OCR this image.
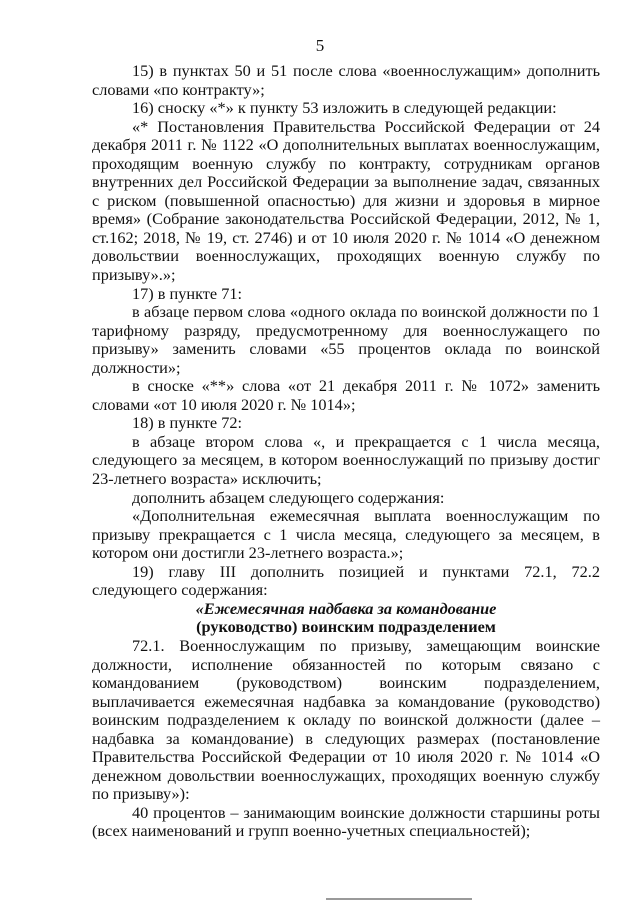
5

15) в пунктах 50 и 51 после слова «военнослужащим» дополнить словами «по контракту»;

16) сноску «*» к пункту 53 изложить в следующей редакции:

«* Постановления Правительства Российской Федерации от 24 декабря 2011 г. № 1122 «О дополнительных выплатах военнослужащим, проходящим военную службу по контракту, сотрудникам органов внутренних дел Российской Федерации за выполнение задач, связанных с риском (повышенной опасностью) для жизни и здоровья в мирное время» (Собрание законодательства Российской Федерации, 2012, № 1, ст.162; 2018, № 19, ст. 2746) и от 10 июля 2020 г. № 1014 «О денежном довольствии военнослужащих, проходящих военную службу по призыву».»;

17) в пункте 71:

в абзаце первом слова «одного оклада по воинской должности по 1 тарифному разряду, предусмотренному для военнослужащего по призыву» заменить словами «55 процентов оклада по воинской должности»;

в сноске «**» слова «от 21 декабря 2011 г. № 1072» заменить словами «от 10 июля 2020 г. № 1014»;

18) в пункте 72:

в абзаце втором слова «, и прекращается с 1 числа месяца, следующего за месяцем, в котором военнослужащий по призыву достиг 23-летнего возраста» исключить;

дополнить абзацем следующего содержания:

«Дополнительная ежемесячная выплата военнослужащим по призыву прекращается с 1 числа месяца, следующего за месяцем, в котором они достигли 23-летнего возраста.»;

19) главу III дополнить позицией и пунктами 72.1, 72.2 следующего содержания:

«Ежемесячная надбавка за командование

(руководство) воинским подразделением

72.1. Военнослужащим по призыву, замещающим воинские должности, исполнение обязанностей по которым связано с командованием (руководством) воинским подразделением, выплачивается ежемесячная надбавка за командование (руководство) воинским подразделением к окладу по воинской должности (далее – надбавка за командование) в следующих размерах (постановление Правительства Российской Федерации от 10 июля 2020 г. № 1014 «О денежном довольствии военнослужащих, проходящих военную службу по призыву»):

40 процентов – занимающим воинские должности старшины роты (всех наименований и групп военно-учетных специальностей);
